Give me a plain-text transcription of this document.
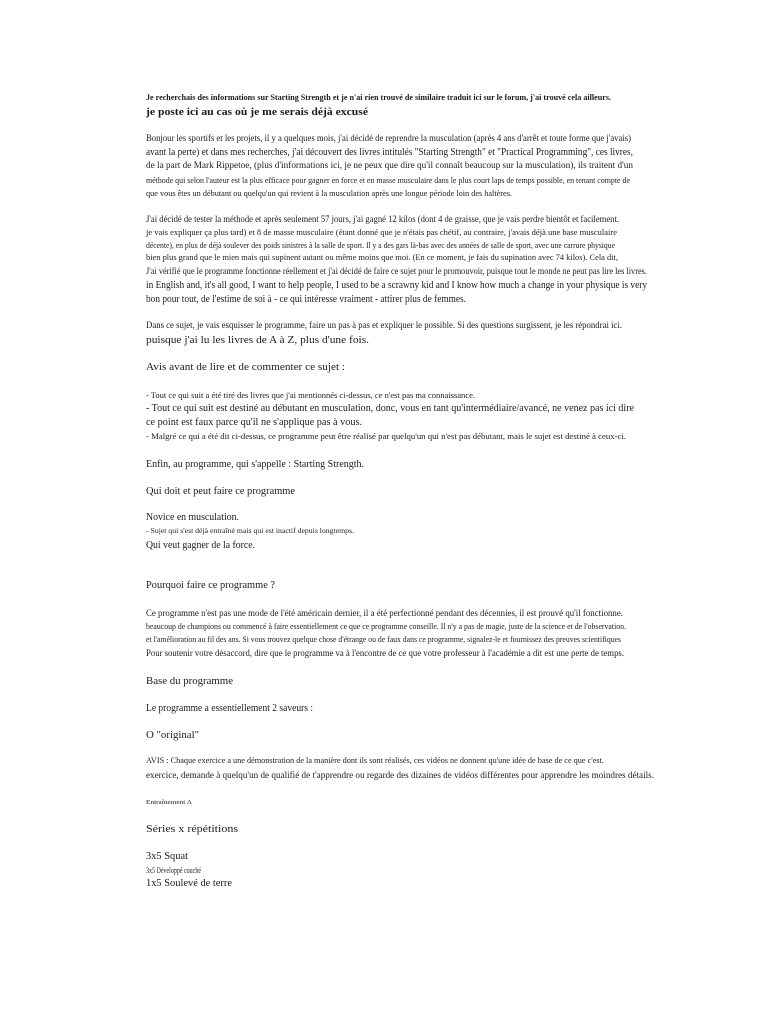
Je recherchais des informations sur Starting Strength et je n'ai rien trouvé de similaire traduit ici sur le forum, j'ai trouvé cela ailleurs.
je poste ici au cas où je me serais déjà excusé
Bonjour les sportifs et les projets, il y a quelques mois, j'ai décidé de reprendre la musculation (après 4 ans d'arrêt et toute forme que j'avais)
avant la perte) et dans mes recherches, j'ai découvert des livres intitulés "Starting Strength" et "Practical Programming", ces livres,
de la part de Mark Rippetoe, (plus d'informations ici, je ne peux que dire qu'il connaît beaucoup sur la musculation), ils traitent d'un
méthode qui selon l'auteur est la plus efficace pour gagner en force et en masse musculaire dans le plus court laps de temps possible, en tenant compte de
que vous êtes un débutant ou quelqu'un qui revient à la musculation après une longue période loin des haltères.
J'ai décidé de tester la méthode et après seulement 57 jours, j'ai gagné 12 kilos (dont 4 de graisse, que je vais perdre bientôt et facilement.
je vais expliquer ça plus tard) et 8 de masse musculaire (étant donné que je n'étais pas chétif, au contraire, j'avais déjà une base musculaire
décente), en plus de déjà soulever des poids sinistres à la salle de sport. Il y a des gars là-bas avec des années de salle de sport, avec une carrure physique
bien plus grand que le mien mais qui supinent autant ou même moins que moi. (En ce moment, je fais du supination avec 74 kilos). Cela dit,
J'ai vérifié que le programme fonctionne réellement et j'ai décidé de faire ce sujet pour le promouvoir, puisque tout le monde ne peut pas lire les livres.
in English and, it's all good, I want to help people, I used to be a scrawny kid and I know how much a change in your physique is very
bon pour tout, de l'estime de soi à - ce qui intéresse vraiment - attirer plus de femmes.
Dans ce sujet, je vais esquisser le programme, faire un pas à pas et expliquer le possible. Si des questions surgissent, je les répondrai ici.
puisque j'ai lu les livres de A à Z, plus d'une fois.
Avis avant de lire et de commenter ce sujet :
- Tout ce qui suit a été tiré des livres que j'ai mentionnés ci-dessus, ce n'est pas ma connaissance.
- Tout ce qui suit est destiné au débutant en musculation, donc, vous en tant qu'intermédiaire/avancé, ne venez pas ici dire
ce point est faux parce qu'il ne s'applique pas à vous.
- Malgré ce qui a été dit ci-dessus, ce programme peut être réalisé par quelqu'un qui n'est pas débutant, mais le sujet est destiné à ceux-ci.
Enfin, au programme, qui s'appelle : Starting Strength.
Qui doit et peut faire ce programme
Novice en musculation.
- Sujet qui s'est déjà entraîné mais qui est inactif depuis longtemps.
Qui veut gagner de la force.
Pourquoi faire ce programme ?
Ce programme n'est pas une mode de l'été américain dernier, il a été perfectionné pendant des décennies, il est prouvé qu'il fonctionne.
beaucoup de champions ou commencé à faire essentiellement ce que ce programme conseille. Il n'y a pas de magie, juste de la science et de l'observation.
et l'amélioration au fil des ans. Si vous trouvez quelque chose d'étrange ou de faux dans ce programme, signalez-le et fournissez des preuves scientifiques
Pour soutenir votre désaccord, dire que le programme va à l'encontre de ce que votre professeur à l'académie a dit est une perte de temps.
Base du programme
Le programme a essentiellement 2 saveurs :
O "original"
AVIS : Chaque exercice a une démonstration de la manière dont ils sont réalisés, ces vidéos ne donnent qu'une idée de base de ce que c'est.
exercice, demande à quelqu'un de qualifié de t'apprendre ou regarde des dizaines de vidéos différentes pour apprendre les moindres détails.
Entraînement A
Séries x répétitions
3x5 Squat
3x5 Développé couché
1x5 Soulevé de terre
